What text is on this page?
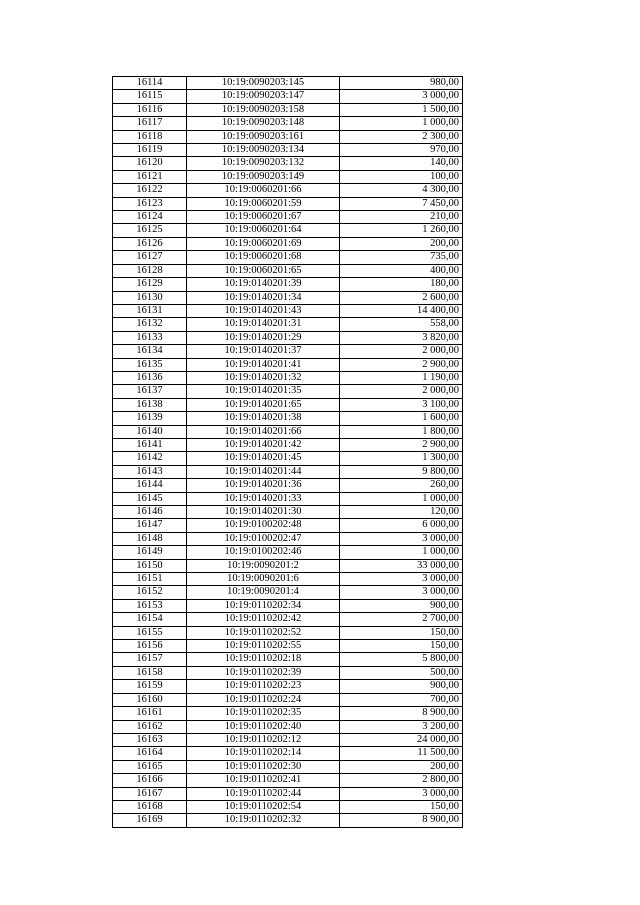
16114	10:19:0090203:145	980,00
16115	10:19:0090203:147	3 000,00
16116	10:19:0090203:158	1 500,00
16117	10:19:0090203:148	1 000,00
16118	10:19:0090203:161	2 300,00
16119	10:19:0090203:134	970,00
16120	10:19:0090203:132	140,00
16121	10:19:0090203:149	100,00
16122	10:19:0060201:66	4 300,00
16123	10:19:0060201:59	7 450,00
16124	10:19:0060201:67	210,00
16125	10:19:0060201:64	1 260,00
16126	10:19:0060201:69	200,00
16127	10:19:0060201:68	735,00
16128	10:19:0060201:65	400,00
16129	10:19:0140201:39	180,00
16130	10:19:0140201:34	2 600,00
16131	10:19:0140201:43	14 400,00
16132	10:19:0140201:31	558,00
16133	10:19:0140201:29	3 820,00
16134	10:19:0140201:37	2 000,00
16135	10:19:0140201:41	2 900,00
16136	10:19:0140201:32	1 190,00
16137	10:19:0140201:35	2 000,00
16138	10:19:0140201:65	3 100,00
16139	10:19:0140201:38	1 600,00
16140	10:19:0140201:66	1 800,00
16141	10:19:0140201:42	2 900,00
16142	10:19:0140201:45	1 300,00
16143	10:19:0140201:44	9 800,00
16144	10:19:0140201:36	260,00
16145	10:19:0140201:33	1 000,00
16146	10:19:0140201:30	120,00
16147	10:19:0100202:48	6 000,00
16148	10:19:0100202:47	3 000,00
16149	10:19:0100202:46	1 000,00
16150	10:19:0090201:2	33 000,00
16151	10:19:0090201:6	3 000,00
16152	10:19:0090201:4	3 000,00
16153	10:19:0110202:34	900,00
16154	10:19:0110202:42	2 700,00
16155	10:19:0110202:52	150,00
16156	10:19:0110202:55	150,00
16157	10:19:0110202:18	5 800,00
16158	10:19:0110202:39	500,00
16159	10:19:0110202:23	900,00
16160	10:19:0110202:24	700,00
16161	10:19:0110202:35	8 900,00
16162	10:19:0110202:40	3 200,00
16163	10:19:0110202:12	24 000,00
16164	10:19:0110202:14	11 500,00
16165	10:19:0110202:30	200,00
16166	10:19:0110202:41	2 800,00
16167	10:19:0110202:44	3 000,00
16168	10:19:0110202:54	150,00
16169	10:19:0110202:32	8 900,00
